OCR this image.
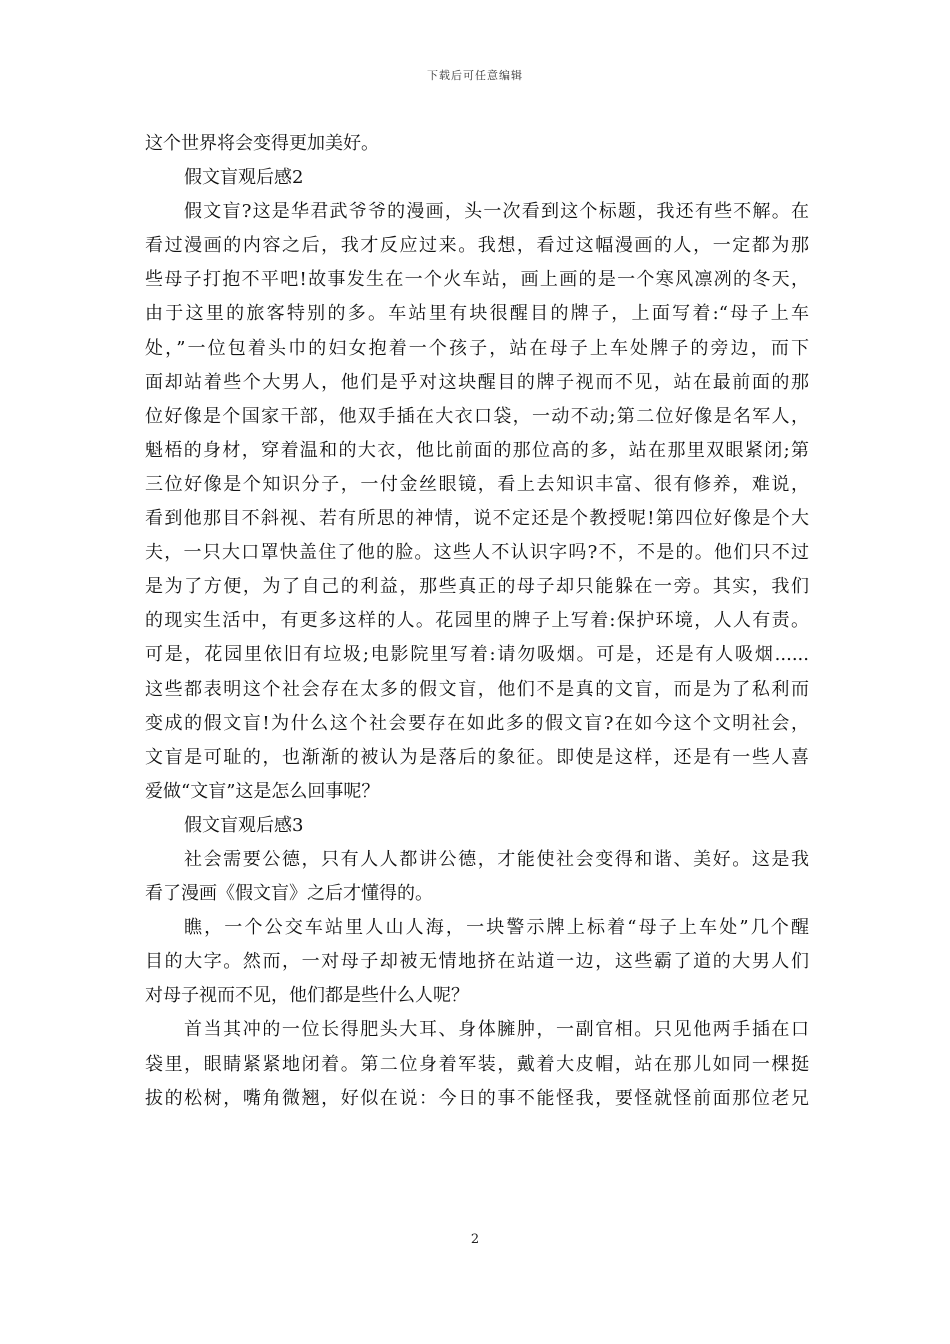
下载后可任意编辑
这个世界将会变得更加美好。
假文盲观后感2
假文盲?这是华君武爷爷的漫画，头一次看到这个标题，我还有些不解。在
看过漫画的内容之后，我才反应过来。我想，看过这幅漫画的人，一定都为那
些母子打抱不平吧!故事发生在一个火车站，画上画的是一个寒风凛冽的冬天，
由于这里的旅客特别的多。车站里有块很醒目的牌子，上面写着:“母子上车
处，”一位包着头巾的妇女抱着一个孩子，站在母子上车处牌子的旁边，而下
面却站着些个大男人，他们是乎对这块醒目的牌子视而不见，站在最前面的那
位好像是个国家干部，他双手插在大衣口袋，一动不动;第二位好像是名军人，
魁梧的身材，穿着温和的大衣，他比前面的那位高的多，站在那里双眼紧闭;第
三位好像是个知识分子，一付金丝眼镜，看上去知识丰富、很有修养，难说，
看到他那目不斜视、若有所思的神情，说不定还是个教授呢!第四位好像是个大
夫，一只大口罩快盖住了他的脸。这些人不认识字吗?不，不是的。他们只不过
是为了方便，为了自己的利益，那些真正的母子却只能躲在一旁。其实，我们
的现实生活中，有更多这样的人。花园里的牌子上写着:保护环境，人人有责。
可是，花园里依旧有垃圾;电影院里写着:请勿吸烟。可是，还是有人吸烟......
这些都表明这个社会存在太多的假文盲，他们不是真的文盲，而是为了私利而
变成的假文盲!为什么这个社会要存在如此多的假文盲?在如今这个文明社会，
文盲是可耻的，也渐渐的被认为是落后的象征。即使是这样，还是有一些人喜
爱做“文盲”这是怎么回事呢？
假文盲观后感3
社会需要公德，只有人人都讲公德，才能使社会变得和谐、美好。这是我
看了漫画《假文盲》之后才懂得的。
瞧，一个公交车站里人山人海，一块警示牌上标着“母子上车处”几个醒
目的大字。然而，一对母子却被无情地挤在站道一边，这些霸了道的大男人们
对母子视而不见，他们都是些什么人呢？
首当其冲的一位长得肥头大耳、身体臃肿，一副官相。只见他两手插在口
袋里，眼睛紧紧地闭着。第二位身着军装，戴着大皮帽，站在那儿如同一棵挺
拔的松树，嘴角微翘，好似在说：今日的事不能怪我，要怪就怪前面那位老兄
2
